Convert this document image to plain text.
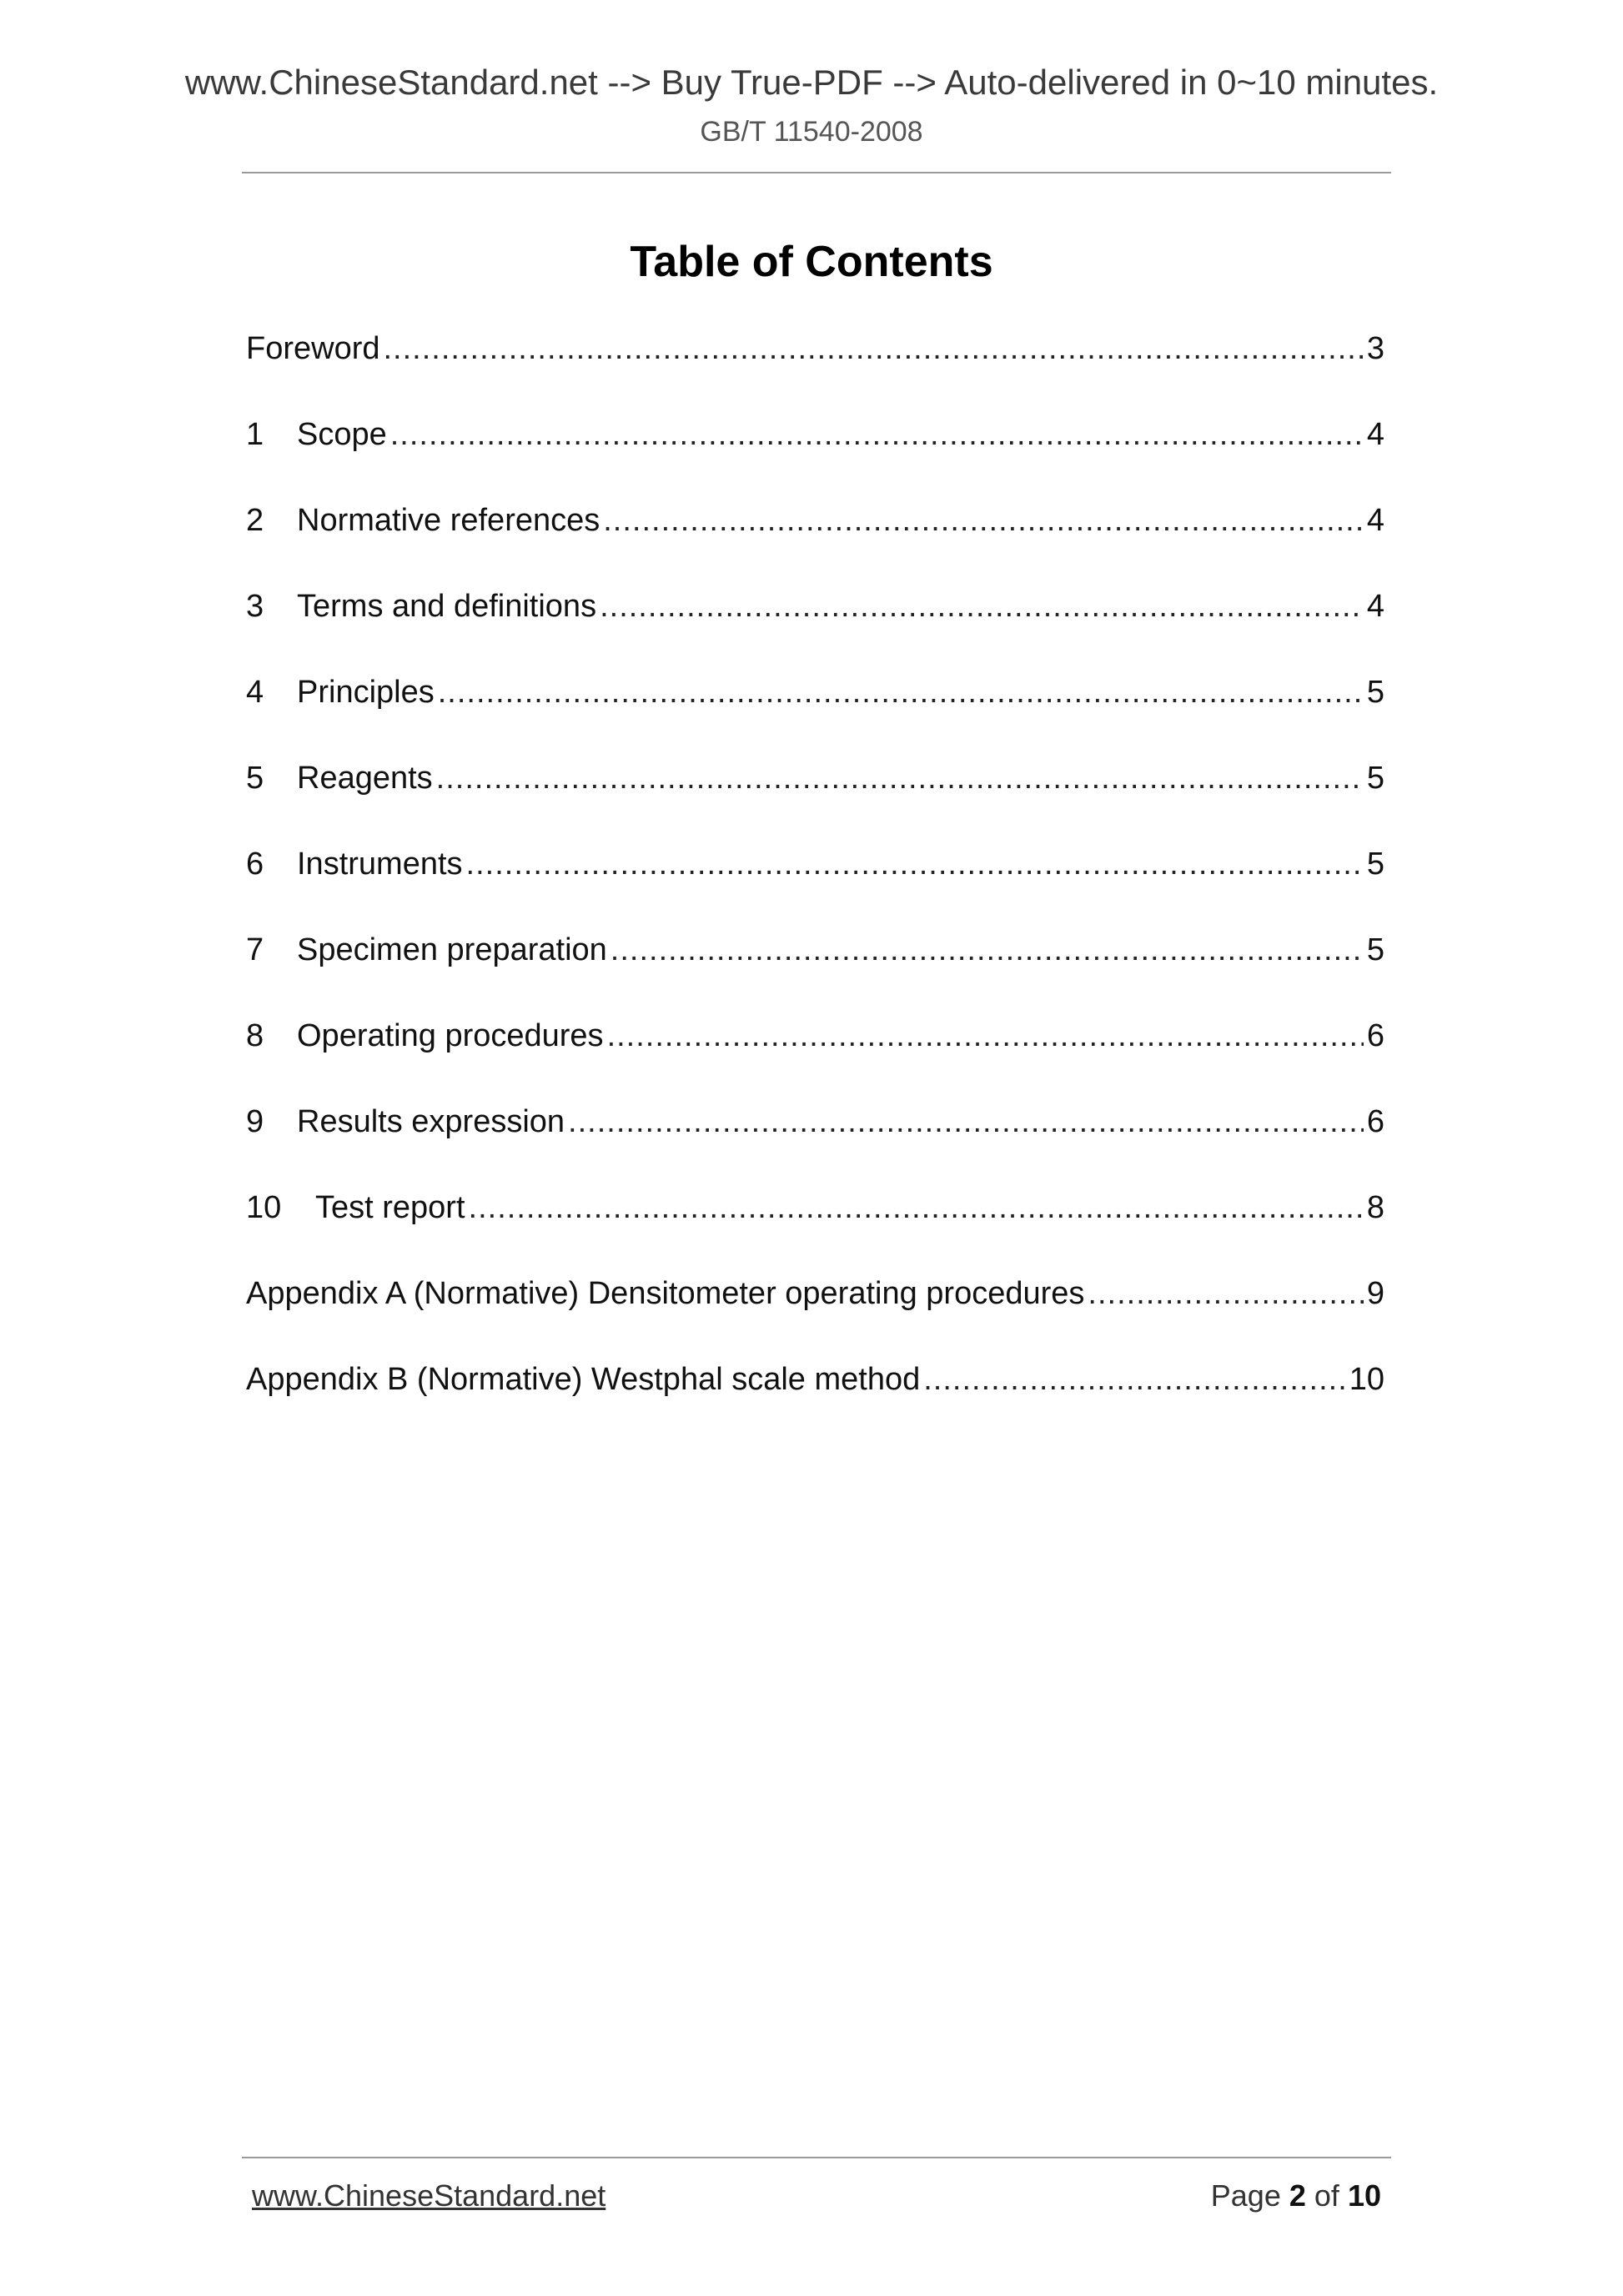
www.ChineseStandard.net --> Buy True-PDF --> Auto-delivered in 0~10 minutes.
GB/T 11540-2008
Table of Contents
Foreword .....	3
1	Scope .....	4
2	Normative references .....	4
3	Terms and definitions .....	4
4	Principles .....	5
5	Reagents .....	5
6	Instruments .....	5
7	Specimen preparation .....	5
8	Operating procedures .....	6
9	Results expression .....	6
10	Test report .....	8
Appendix A (Normative) Densitometer operating procedures .....	9
Appendix B (Normative) Westphal scale method .....	10
www.ChineseStandard.net	Page 2 of 10
